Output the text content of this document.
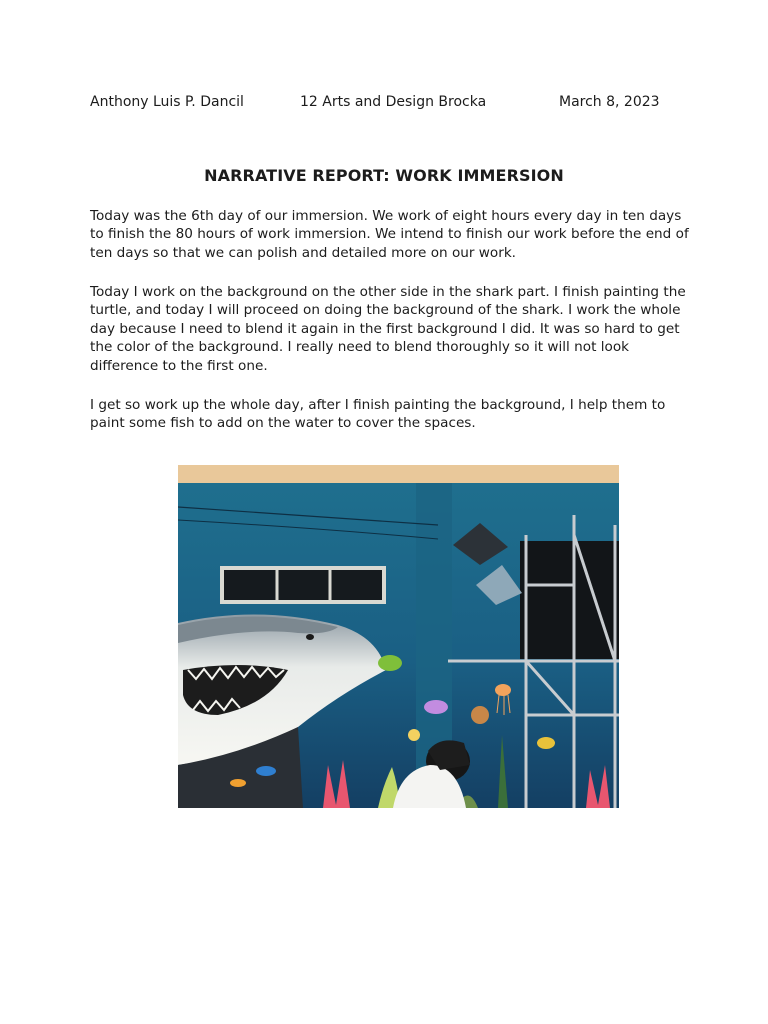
Anthony Luis P. Dancil	12 Arts and Design Brocka	March 8, 2023
NARRATIVE REPORT: WORK IMMERSION

Today was the 6th day of our immersion. We work of eight hours every day in ten days to finish the 80 hours of work immersion. We intend to finish our work before the end of ten days so that we can polish and detailed more on our work.

Today I work on the background on the other side in the shark part. I finish painting the turtle, and today I will proceed on doing the background of the shark. I work the whole day because I need to blend it again in the first background I did. It was so hard to get the color of the background. I really need to blend thoroughly so it will not look difference to the first one.

I get so work up the whole day, after I finish painting the background, I help them to paint some fish to add on the water to cover the spaces.
